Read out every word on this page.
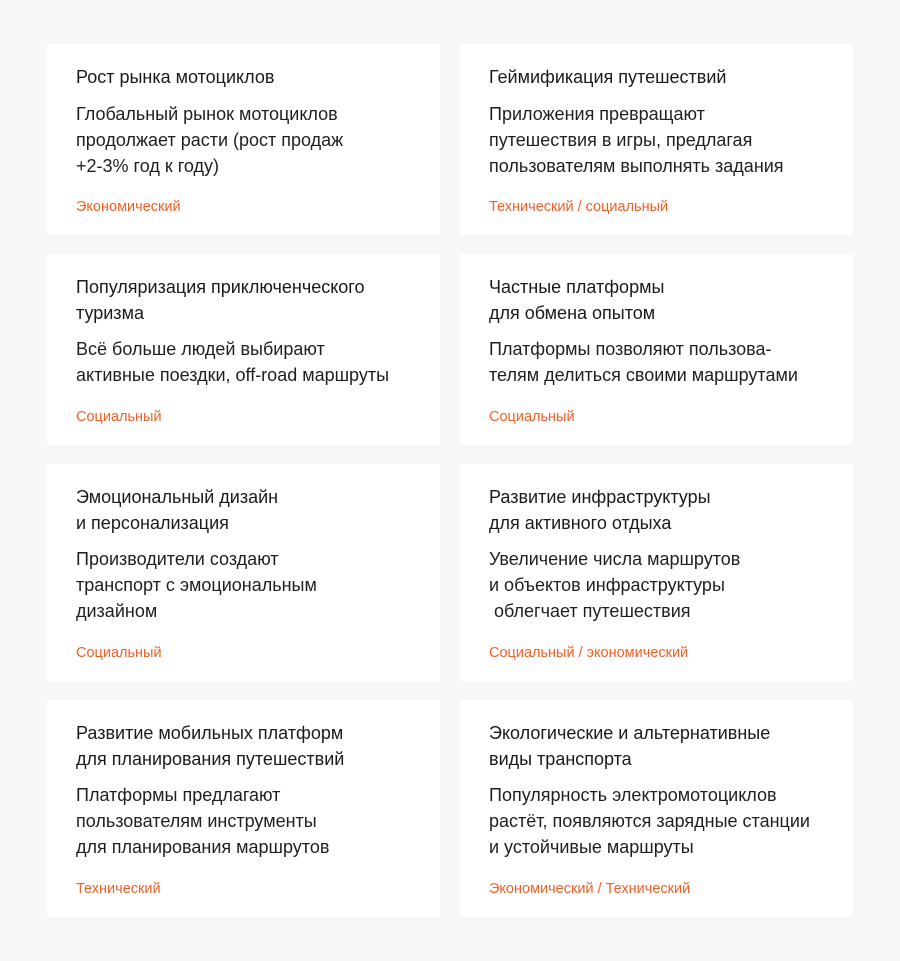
Рост рынка мотоциклов
Глобальный рынок мотоциклов
продолжает расти (рост продаж
+2-3% год к году)
Экономический
Геймификация путешествий
Приложения превращают
путешествия в игры, предлагая
пользователям выполнять задания
Технический / социальный
Популяризация приключенческого
туризма
Всё больше людей выбирают
активные поездки, off-road маршруты
Социальный
Частные платформы
для обмена опытом
Платформы позволяют пользова-
телям делиться своими маршрутами
Социальный
Эмоциональный дизайн
и персонализация
Производители создают
транспорт с эмоциональным
дизайном
Социальный
Развитие инфраструктуры
для активного отдыха
Увеличение числа маршрутов
и объектов инфраструктуры
облегчает путешествия
Социальный / экономический
Развитие мобильных платформ
для планирования путешествий
Платформы предлагают
пользователям инструменты
для планирования маршрутов
Технический
Экологические и альтернативные
виды транспорта
Популярность электромотоциклов
растёт, появляются зарядные станции
и устойчивые маршруты
Экономический / Технический
